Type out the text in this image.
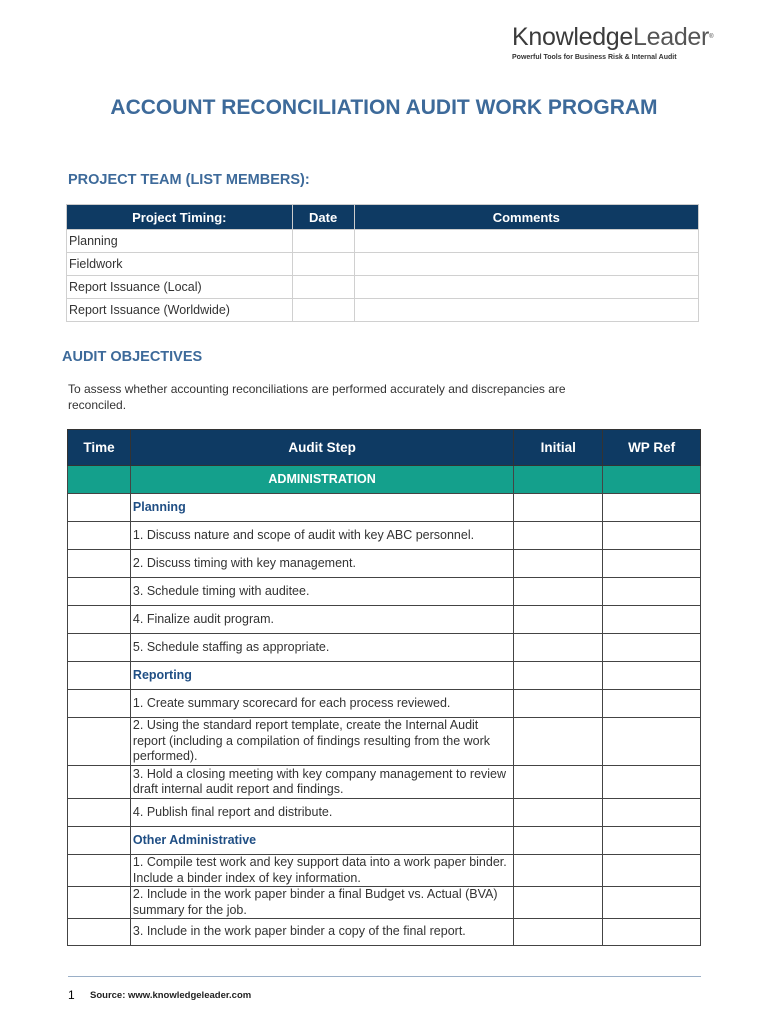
KnowledgeLeader®
Powerful Tools for Business Risk & Internal Audit
ACCOUNT RECONCILIATION AUDIT WORK PROGRAM
PROJECT TEAM (LIST MEMBERS):
Project Timing:	Date	Comments
Planning		
Fieldwork		
Report Issuance (Local)		
Report Issuance (Worldwide)		
AUDIT OBJECTIVES
To assess whether accounting reconciliations are performed accurately and discrepancies are reconciled.
Time	Audit Step	Initial	WP Ref
	ADMINISTRATION		
	Planning		
	1. Discuss nature and scope of audit with key ABC personnel.		
	2. Discuss timing with key management.		
	3. Schedule timing with auditee.		
	4. Finalize audit program.		
	5. Schedule staffing as appropriate.		
	Reporting		
	1. Create summary scorecard for each process reviewed.		
	2. Using the standard report template, create the Internal Audit report (including a compilation of findings resulting from the work performed).		
	3. Hold a closing meeting with key company management to review draft internal audit report and findings.		
	4. Publish final report and distribute.		
	Other Administrative		
	1. Compile test work and key support data into a work paper binder. Include a binder index of key information.		
	2. Include in the work paper binder a final Budget vs. Actual (BVA) summary for the job.		
	3. Include in the work paper binder a copy of the final report.		
1 Source: www.knowledgeleader.com
